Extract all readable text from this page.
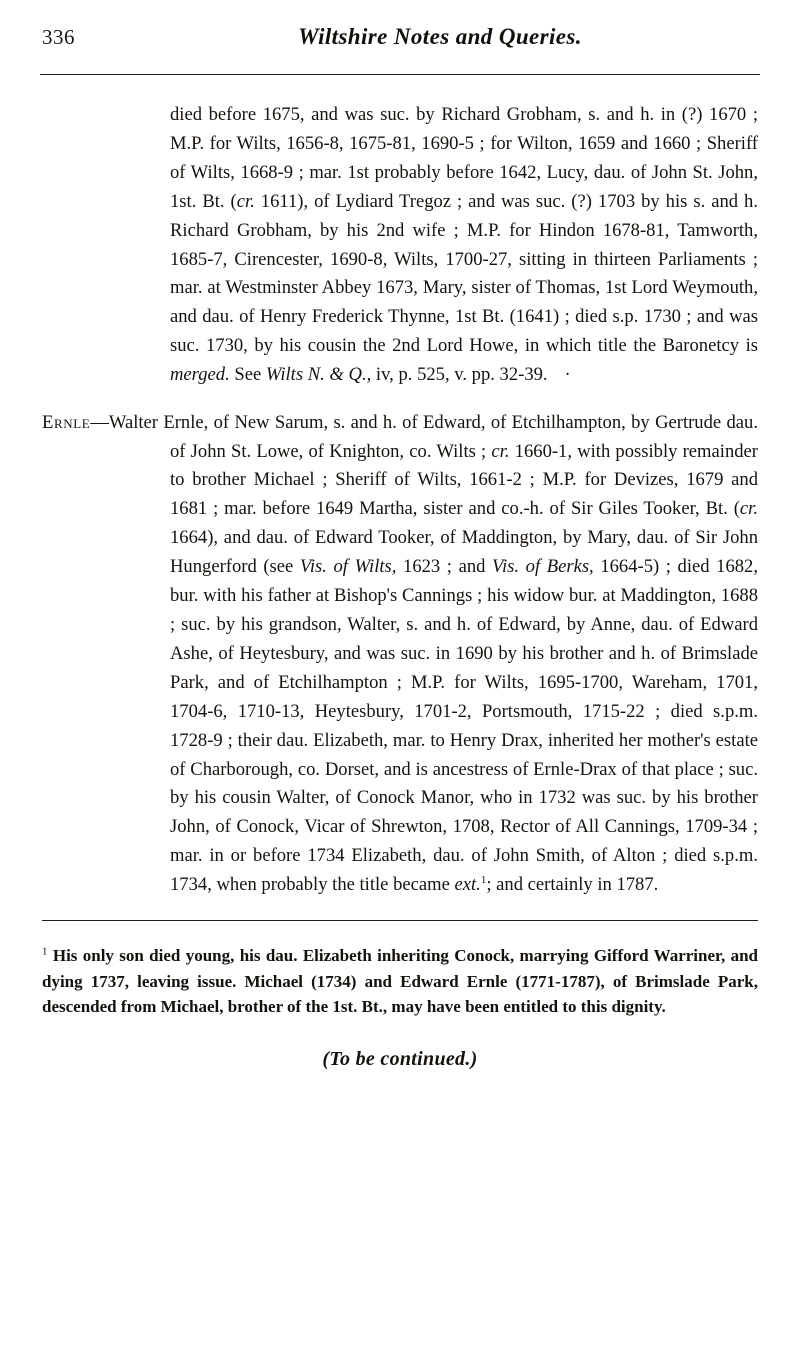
336	Wiltshire Notes and Queries.

died before 1675, and was suc. by Richard Grobham, s. and h. in (?) 1670 ; M.P. for Wilts, 1656-8, 1675-81, 1690-5 ; for Wilton, 1659 and 1660 ; Sheriff of Wilts, 1668-9 ; mar. 1st probably before 1642, Lucy, dau. of John St. John, 1st. Bt. (cr. 1611), of Lydiard Tregoz ; and was suc. (?) 1703 by his s. and h. Richard Grobham, by his 2nd wife ; M.P. for Hindon 1678-81, Tamworth, 1685-7, Cirencester, 1690-8, Wilts, 1700-27, sitting in thirteen Parliaments ; mar. at Westminster Abbey 1673, Mary, sister of Thomas, 1st Lord Weymouth, and dau. of Henry Frederick Thynne, 1st Bt. (1641) ; died s.p. 1730 ; and was suc. 1730, by his cousin the 2nd Lord Howe, in which title the Baronetcy is merged. See Wilts N. & Q., iv, p. 525, v. pp. 32-39. ·

Ernle—Walter Ernle, of New Sarum, s. and h. of Edward, of Etchilhampton, by Gertrude dau. of John St. Lowe, of Knighton, co. Wilts ; cr. 1660-1, with possibly remainder to brother Michael ; Sheriff of Wilts, 1661-2 ; M.P. for Devizes, 1679 and 1681 ; mar. before 1649 Martha, sister and co.-h. of Sir Giles Tooker, Bt. (cr. 1664), and dau. of Edward Tooker, of Maddington, by Mary, dau. of Sir John Hungerford (see Vis. of Wilts, 1623 ; and Vis. of Berks, 1664-5) ; died 1682, bur. with his father at Bishop's Cannings ; his widow bur. at Maddington, 1688 ; suc. by his grandson, Walter, s. and h. of Edward, by Anne, dau. of Edward Ashe, of Heytesbury, and was suc. in 1690 by his brother and h. of Brimslade Park, and of Etchilhampton ; M.P. for Wilts, 1695-1700, Wareham, 1701, 1704-6, 1710-13, Heytesbury, 1701-2, Portsmouth, 1715-22 ; died s.p.m. 1728-9 ; their dau. Elizabeth, mar. to Henry Drax, inherited her mother's estate of Charborough, co. Dorset, and is ancestress of Ernle-Drax of that place ; suc. by his cousin Walter, of Conock Manor, who in 1732 was suc. by his brother John, of Conock, Vicar of Shrewton, 1708, Rector of All Cannings, 1709-34 ; mar. in or before 1734 Elizabeth, dau. of John Smith, of Alton ; died s.p.m. 1734, when probably the title became ext.$^1$; and certainly in 1787.

$^1$ His only son died young, his dau. Elizabeth inheriting Conock, marrying Gifford Warriner, and dying 1737, leaving issue. Michael (1734) and Edward Ernle (1771-1787), of Brimslade Park, descended from Michael, brother of the 1st. Bt., may have been entitled to this dignity.
(To be continued.)
